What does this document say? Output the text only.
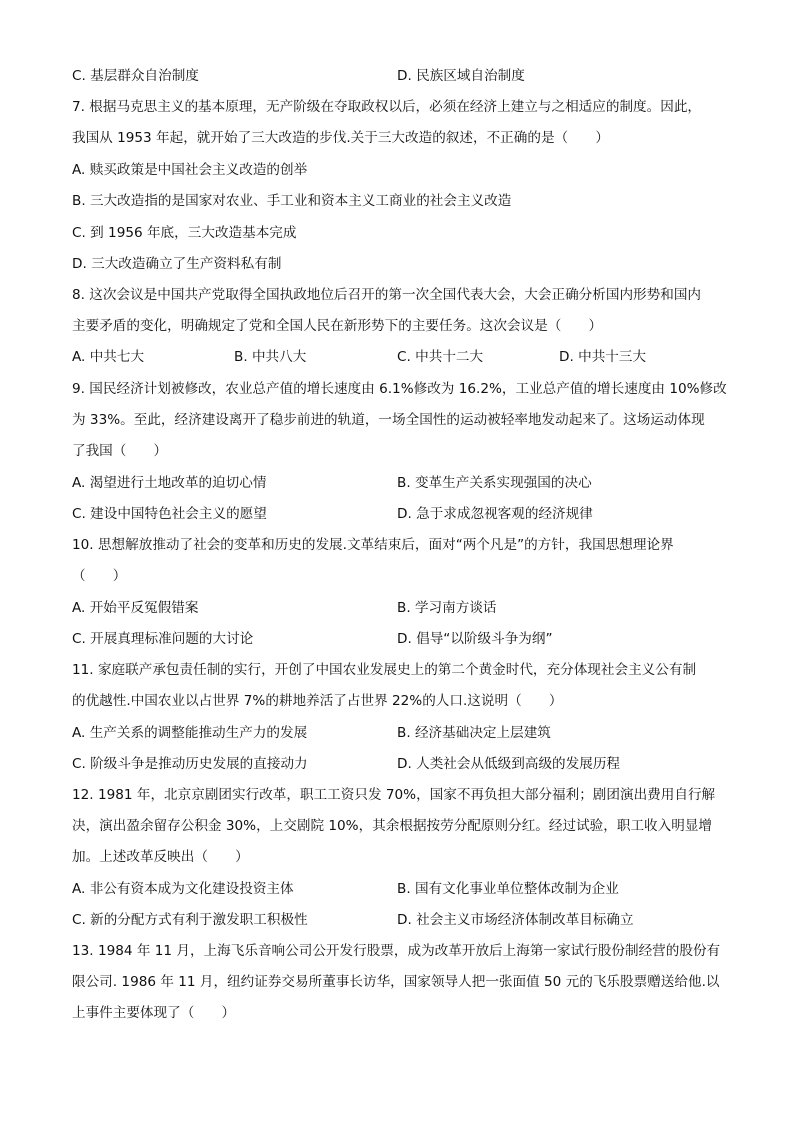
C. 基层群众自治制度	D. 民族区域自治制度
7. 根据马克思主义的基本原理，无产阶级在夺取政权以后，必须在经济上建立与之相适应的制度。因此，
我国从 1953 年起，就开始了三大改造的步伐.关于三大改造的叙述，不正确的是（　　）
A. 赎买政策是中国社会主义改造的创举
B. 三大改造指的是国家对农业、手工业和资本主义工商业的社会主义改造
C. 到 1956 年底，三大改造基本完成
D. 三大改造确立了生产资料私有制
8. 这次会议是中国共产党取得全国执政地位后召开的第一次全国代表大会，大会正确分析国内形势和国内
主要矛盾的变化，明确规定了党和全国人民在新形势下的主要任务。这次会议是（　　）
A. 中共七大	B. 中共八大	C. 中共十二大	D. 中共十三大
9. 国民经济计划被修改，农业总产值的增长速度由 6.1%修改为 16.2%，工业总产值的增长速度由 10%修改
为 33%。至此，经济建设离开了稳步前进的轨道，一场全国性的运动被轻率地发动起来了。这场运动体现
了我国（　　）
A. 渴望进行土地改革的迫切心情	B. 变革生产关系实现强国的决心
C. 建设中国特色社会主义的愿望	D. 急于求成忽视客观的经济规律
10. 思想解放推动了社会的变革和历史的发展.文革结束后，面对“两个凡是”的方针，我国思想理论界
（　　）
A. 开始平反冤假错案	B. 学习南方谈话
C. 开展真理标准问题的大讨论	D. 倡导“以阶级斗争为纲”
11. 家庭联产承包责任制的实行，开创了中国农业发展史上的第二个黄金时代，充分体现社会主义公有制
的优越性.中国农业以占世界 7%的耕地养活了占世界 22%的人口.这说明（　　）
A. 生产关系的调整能推动生产力的发展	B. 经济基础决定上层建筑
C. 阶级斗争是推动历史发展的直接动力	D. 人类社会从低级到高级的发展历程
12. 1981 年，北京京剧团实行改革，职工工资只发 70%，国家不再负担大部分福利；剧团演出费用自行解
决，演出盈余留存公积金 30%，上交剧院 10%，其余根据按劳分配原则分红。经过试验，职工收入明显增
加。上述改革反映出（　　）
A. 非公有资本成为文化建设投资主体	B. 国有文化事业单位整体改制为企业
C. 新的分配方式有利于激发职工积极性	D. 社会主义市场经济体制改革目标确立
13. 1984 年 11 月，上海飞乐音响公司公开发行股票，成为改革开放后上海第一家试行股份制经营的股份有
限公司. 1986 年 11 月，纽约证券交易所董事长访华，国家领导人把一张面值 50 元的飞乐股票赠送给他.以
上事件主要体现了（　　）
